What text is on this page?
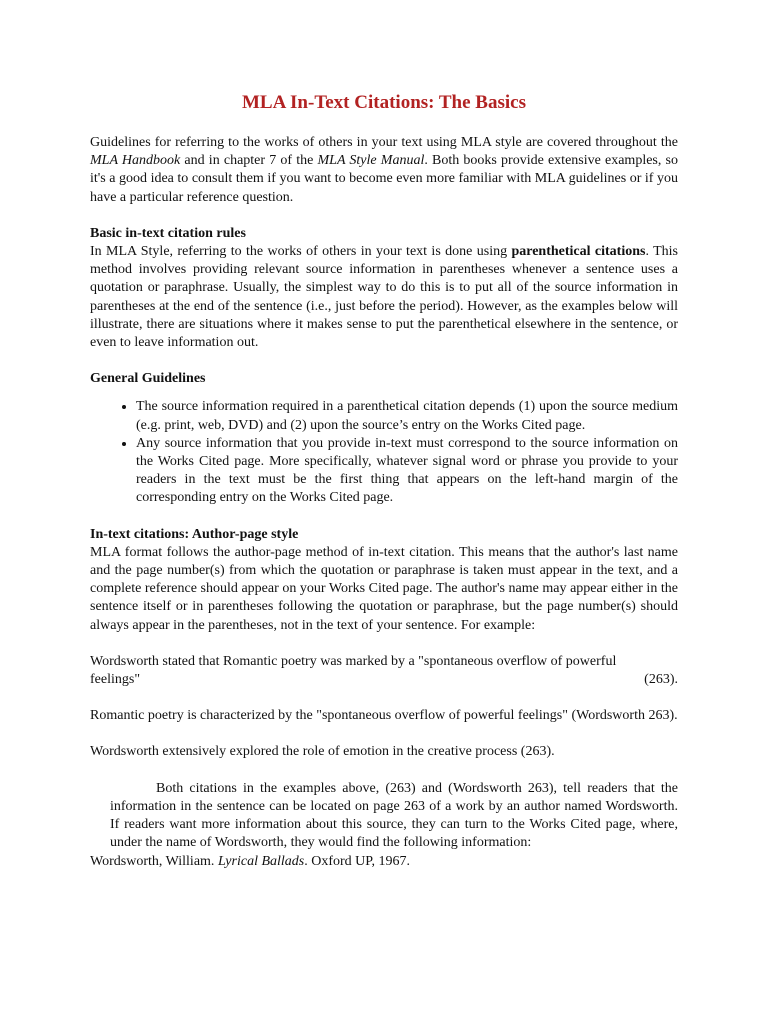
MLA In-Text Citations: The Basics

Guidelines for referring to the works of others in your text using MLA style are covered throughout the MLA Handbook and in chapter 7 of the MLA Style Manual. Both books provide extensive examples, so it's a good idea to consult them if you want to become even more familiar with MLA guidelines or if you have a particular reference question.

Basic in-text citation rules

In MLA Style, referring to the works of others in your text is done using parenthetical citations. This method involves providing relevant source information in parentheses whenever a sentence uses a quotation or paraphrase. Usually, the simplest way to do this is to put all of the source information in parentheses at the end of the sentence (i.e., just before the period). However, as the examples below will illustrate, there are situations where it makes sense to put the parenthetical elsewhere in the sentence, or even to leave information out.

General Guidelines

• The source information required in a parenthetical citation depends (1) upon the source medium (e.g. print, web, DVD) and (2) upon the source’s entry on the Works Cited page.
• Any source information that you provide in-text must correspond to the source information on the Works Cited page. More specifically, whatever signal word or phrase you provide to your readers in the text must be the first thing that appears on the left-hand margin of the corresponding entry on the Works Cited page.

In-text citations: Author-page style

MLA format follows the author-page method of in-text citation. This means that the author's last name and the page number(s) from which the quotation or paraphrase is taken must appear in the text, and a complete reference should appear on your Works Cited page. The author's name may appear either in the sentence itself or in parentheses following the quotation or paraphrase, but the page number(s) should always appear in the parentheses, not in the text of your sentence. For example:

Wordsworth stated that Romantic poetry was marked by a "spontaneous overflow of powerful

feelings"	(263).

Romantic poetry is characterized by the "spontaneous overflow of powerful feelings" (Wordsworth 263).

Wordsworth extensively explored the role of emotion in the creative process (263).

Both citations in the examples above, (263) and (Wordsworth 263), tell readers that the information in the sentence can be located on page 263 of a work by an author named Wordsworth. If readers want more information about this source, they can turn to the Works Cited page, where, under the name of Wordsworth, they would find the following information:

Wordsworth, William. Lyrical Ballads. Oxford UP, 1967.
